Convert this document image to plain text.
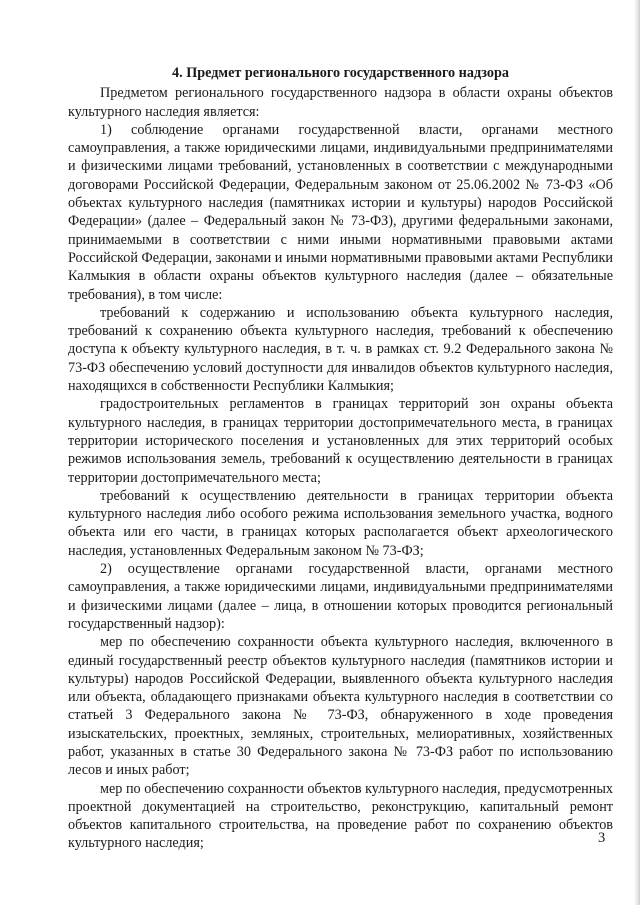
4. Предмет регионального государственного надзора

Предметом регионального государственного надзора в области охраны объектов культурного наследия является:

1) соблюдение органами государственной власти, органами местного самоуправления, а также юридическими лицами, индивидуальными предпринимателями и физическими лицами требований, установленных в соответствии с международными договорами Российской Федерации, Федеральным законом от 25.06.2002 № 73-ФЗ «Об объектах культурного наследия (памятниках истории и культуры) народов Российской Федерации» (далее – Федеральный закон № 73-ФЗ), другими федеральными законами, принимаемыми в соответствии с ними иными нормативными правовыми актами Российской Федерации, законами и иными нормативными правовыми актами Республики Калмыкия в области охраны объектов культурного наследия (далее – обязательные требования), в том числе:

требований к содержанию и использованию объекта культурного наследия, требований к сохранению объекта культурного наследия, требований к обеспечению доступа к объекту культурного наследия, в т. ч. в рамках ст. 9.2 Федерального закона № 73-ФЗ обеспечению условий доступности для инвалидов объектов культурного наследия, находящихся в собственности Республики Калмыкия;

градостроительных регламентов в границах территорий зон охраны объекта культурного наследия, в границах территории достопримечательного места, в границах территории исторического поселения и установленных для этих территорий особых режимов использования земель, требований к осуществлению деятельности в границах территории достопримечательного места;

требований к осуществлению деятельности в границах территории объекта культурного наследия либо особого режима использования земельного участка, водного объекта или его части, в границах которых располагается объект археологического наследия, установленных Федеральным законом № 73-ФЗ;

2) осуществление органами государственной власти, органами местного самоуправления, а также юридическими лицами, индивидуальными предпринимателями и физическими лицами (далее – лица, в отношении которых проводится региональный государственный надзор):

мер по обеспечению сохранности объекта культурного наследия, включенного в единый государственный реестр объектов культурного наследия (памятников истории и культуры) народов Российской Федерации, выявленного объекта культурного наследия или объекта, обладающего признаками объекта культурного наследия в соответствии со статьей 3 Федерального закона № 73-ФЗ, обнаруженного в ходе проведения изыскательских, проектных, земляных, строительных, мелиоративных, хозяйственных работ, указанных в статье 30 Федерального закона № 73-ФЗ работ по использованию лесов и иных работ;

мер по обеспечению сохранности объектов культурного наследия, предусмотренных проектной документацией на строительство, реконструкцию, капитальный ремонт объектов капитального строительства, на проведение работ по сохранению объектов культурного наследия;	3
